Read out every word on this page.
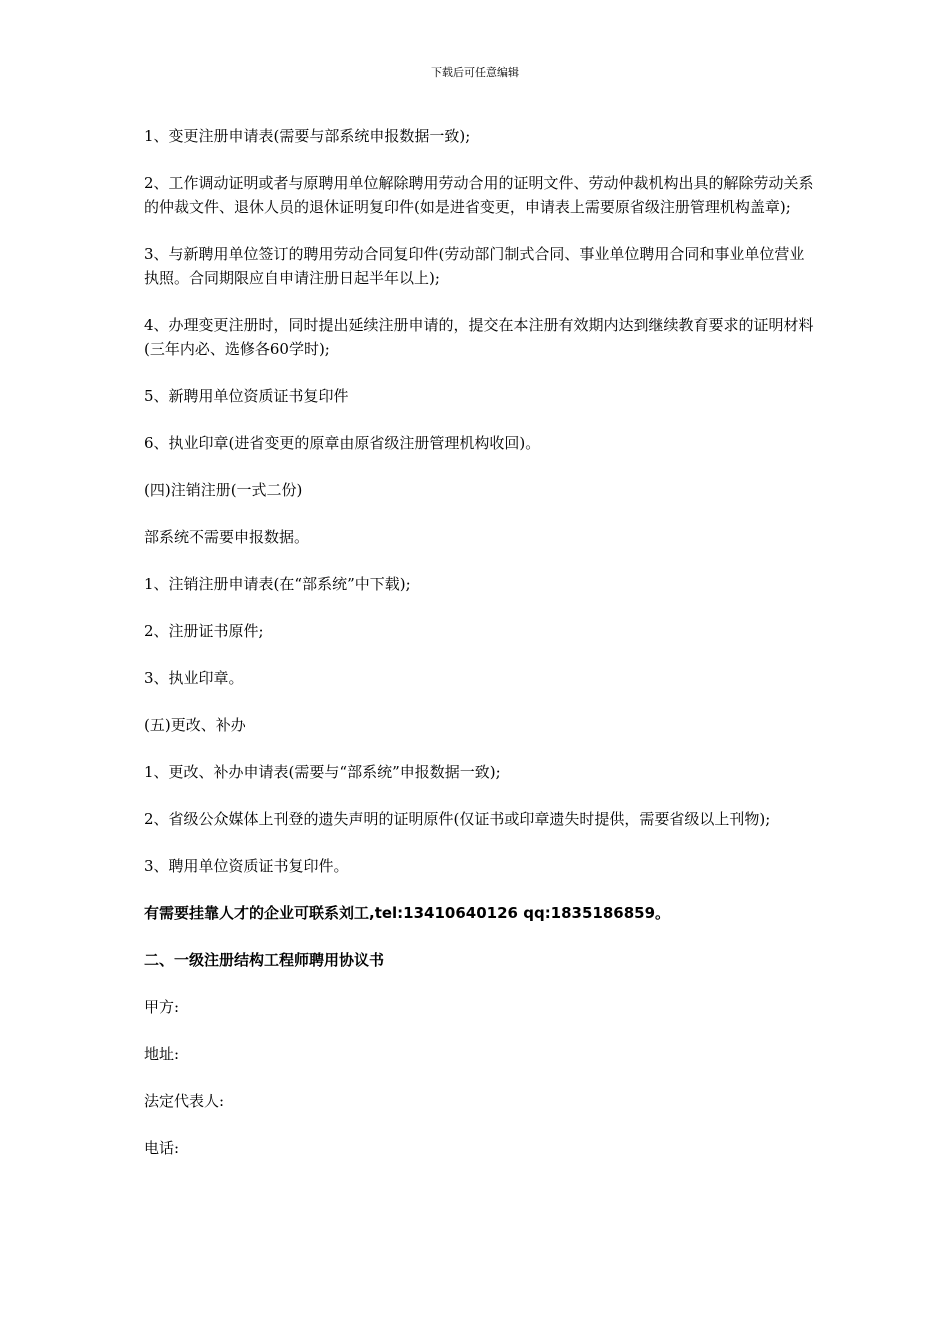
下载后可任意编辑

1、变更注册申请表(需要与部系统申报数据一致);

2、工作调动证明或者与原聘用单位解除聘用劳动合用的证明文件、劳动仲裁机构出具的解除劳动关系的仲裁文件、退休人员的退休证明复印件(如是进省变更，申请表上需要原省级注册管理机构盖章);

3、与新聘用单位签订的聘用劳动合同复印件(劳动部门制式合同、事业单位聘用合同和事业单位营业执照。合同期限应自申请注册日起半年以上);

4、办理变更注册时，同时提出延续注册申请的，提交在本注册有效期内达到继续教育要求的证明材料(三年内必、选修各60学时);

5、新聘用单位资质证书复印件

6、执业印章(进省变更的原章由原省级注册管理机构收回)。

(四)注销注册(一式二份)

部系统不需要申报数据。

1、注销注册申请表(在“部系统”中下载);

2、注册证书原件;

3、执业印章。

(五)更改、补办

1、更改、补办申请表(需要与“部系统”申报数据一致);

2、省级公众媒体上刊登的遗失声明的证明原件(仅证书或印章遗失时提供，需要省级以上刊物);

3、聘用单位资质证书复印件。

有需要挂靠人才的企业可联系刘工,tel:13410640126 qq:1835186859。

二、一级注册结构工程师聘用协议书

甲方:

地址:

法定代表人:

电话:
